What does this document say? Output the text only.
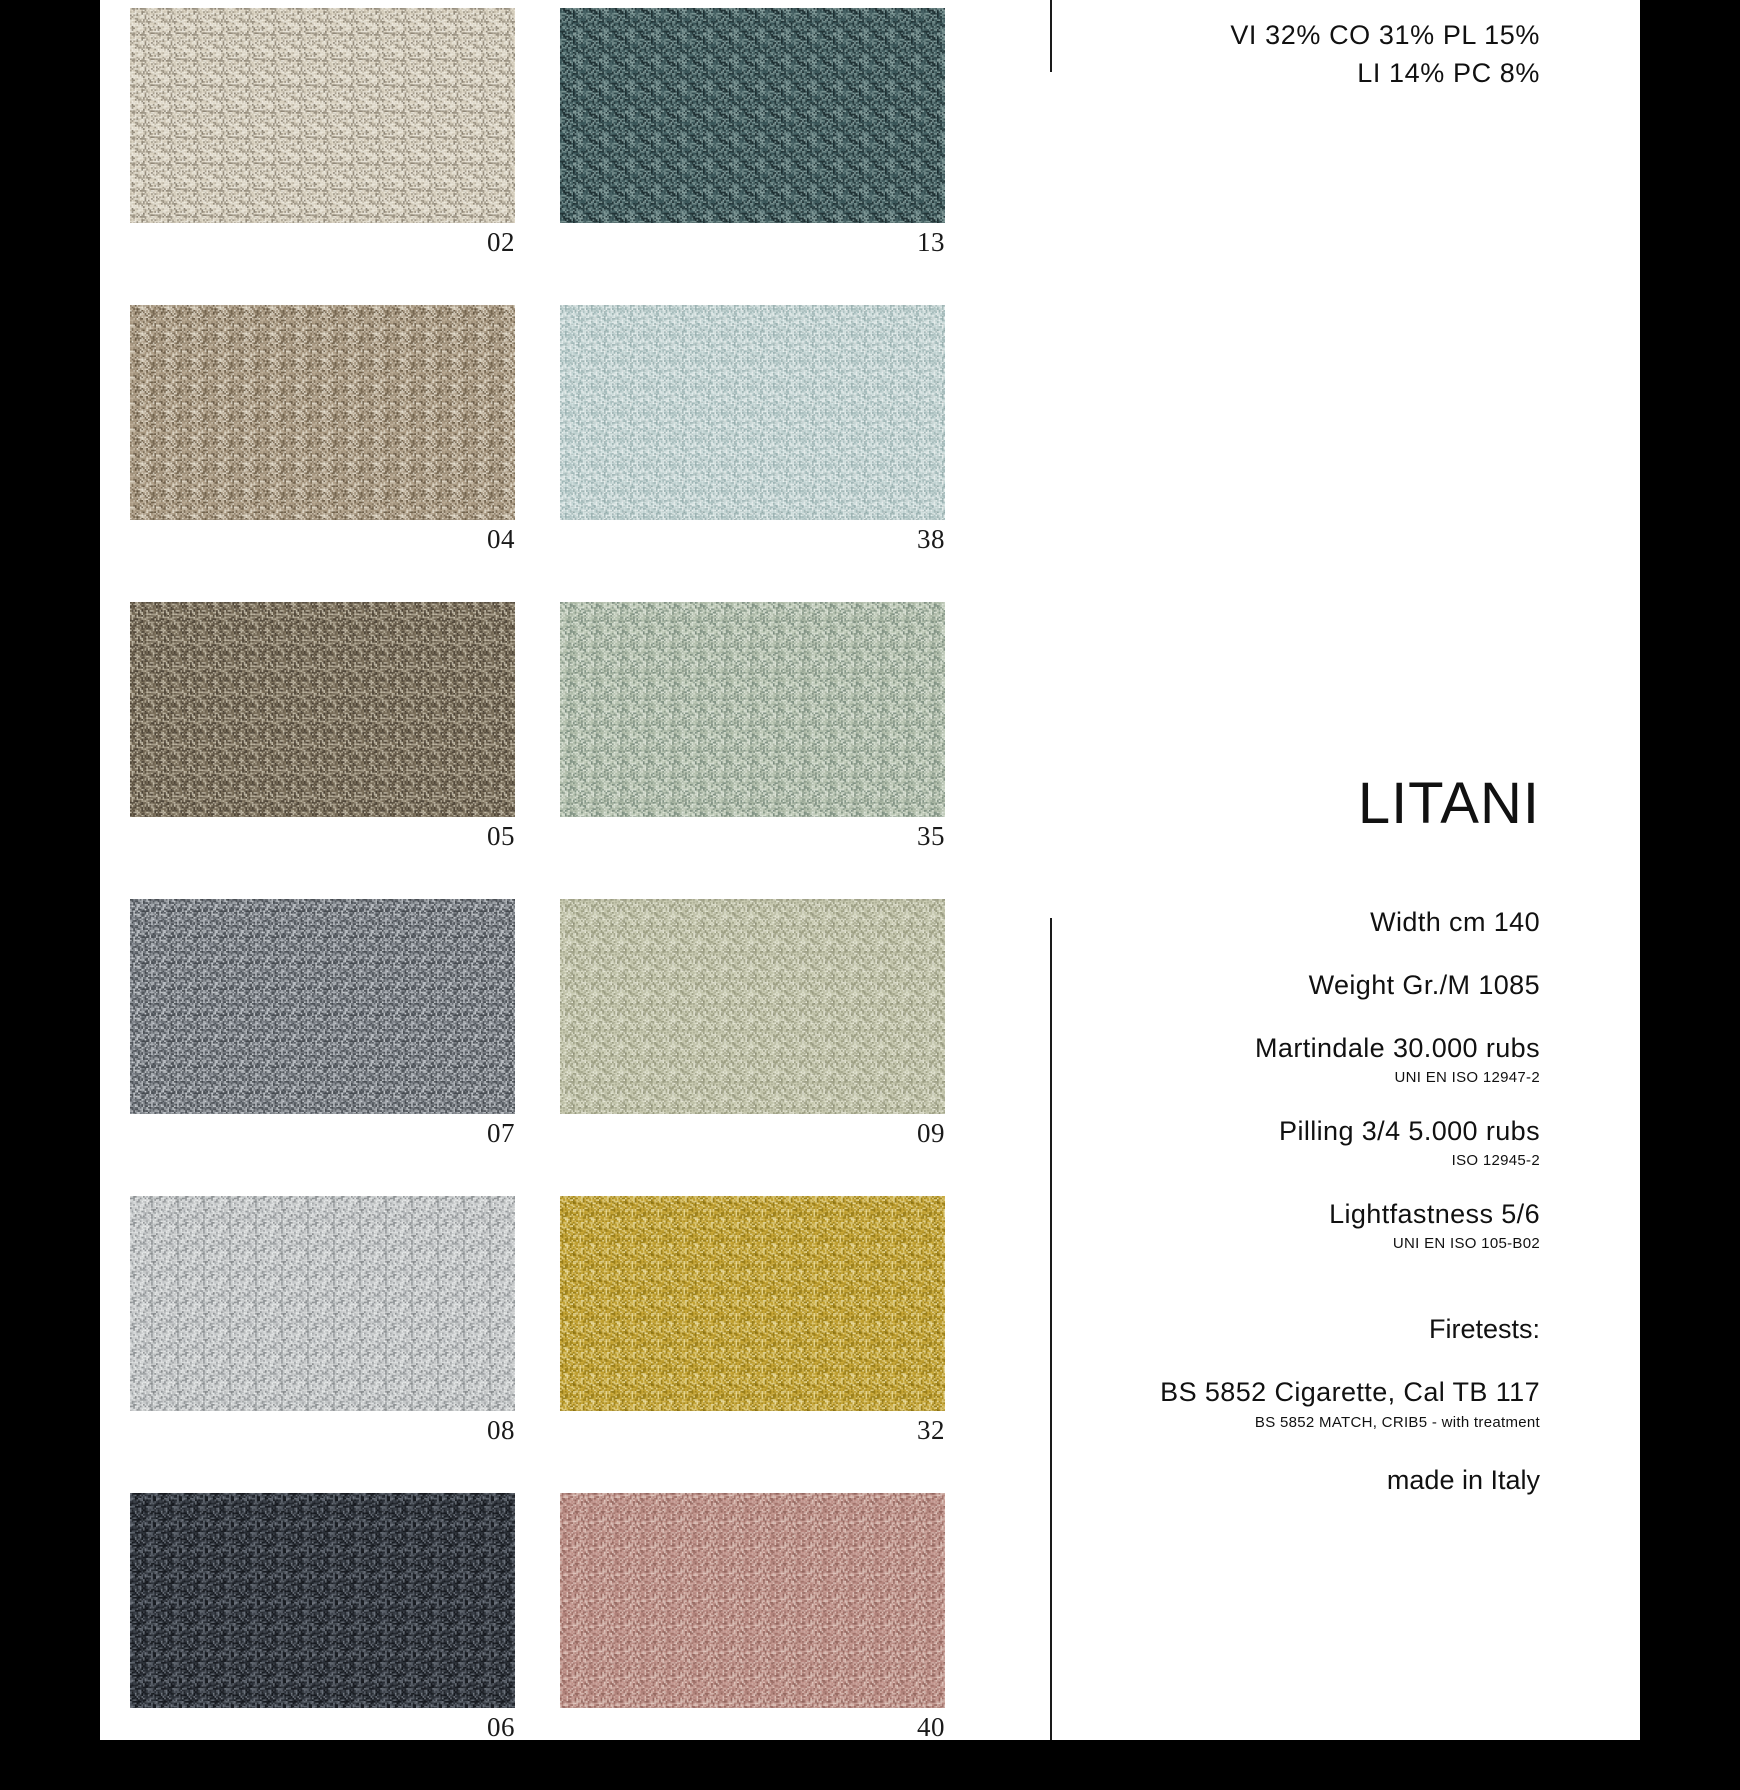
02	13
04	38
05	35
07	09
08	32
06	40
VI 32% CO 31% PL 15%
LI 14% PC 8%
LITANI
Width cm 140
Weight Gr./M 1085
Martindale 30.000 rubs
UNI EN ISO 12947-2
Pilling 3/4 5.000 rubs
ISO 12945-2
Lightfastness 5/6
UNI EN ISO 105-B02
Firetests:
BS 5852 Cigarette, Cal TB 117
BS 5852 MATCH, CRIB5 - with treatment
made in Italy
